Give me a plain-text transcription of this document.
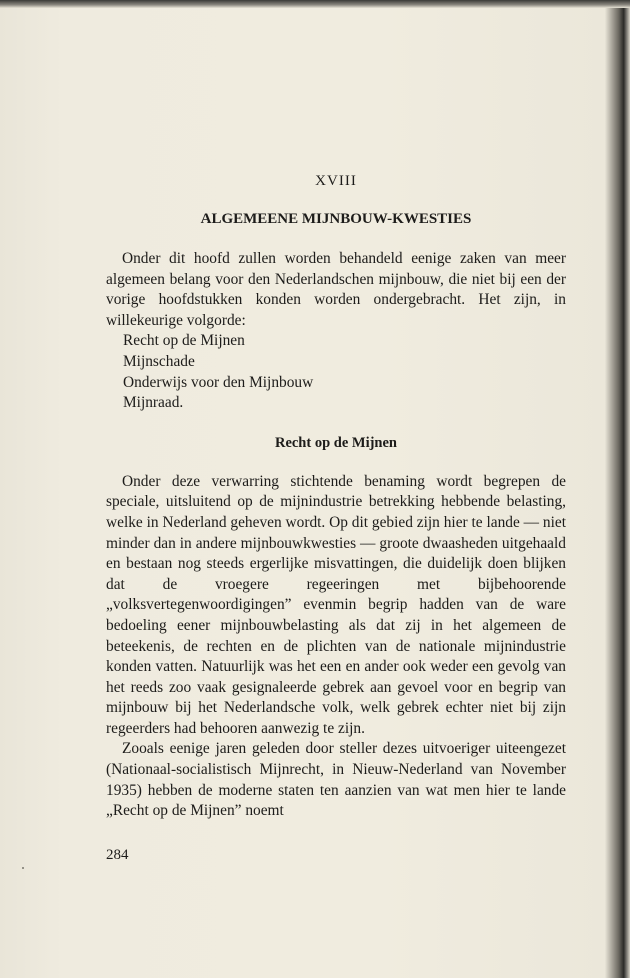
XVIII

ALGEMEENE MIJNBOUW-KWESTIES

Onder dit hoofd zullen worden behandeld eenige zaken van meer algemeen belang voor den Nederlandschen mijnbouw, die niet bij een der vorige hoofdstukken konden worden ondergebracht. Het zijn, in willekeurige volgorde:

Recht op de Mijnen
Mijnschade
Onderwijs voor den Mijnbouw
Mijnraad.

Recht op de Mijnen

Onder deze verwarring stichtende benaming wordt begrepen de speciale, uitsluitend op de mijnindustrie betrekking hebbende belasting, welke in Nederland geheven wordt. Op dit gebied zijn hier te lande — niet minder dan in andere mijnbouwkwesties — groote dwaasheden uitgehaald en bestaan nog steeds ergerlijke misvattingen, die duidelijk doen blijken dat de vroegere regeeringen met bijbehoorende „volksvertegenwoordigingen” evenmin begrip hadden van de ware bedoeling eener mijnbouwbelasting als dat zij in het algemeen de beteekenis, de rechten en de plichten van de nationale mijnindustrie konden vatten. Natuurlijk was het een en ander ook weder een gevolg van het reeds zoo vaak gesignaleerde gebrek aan gevoel voor en begrip van mijnbouw bij het Nederlandsche volk, welk gebrek echter niet bij zijn regeerders had behooren aanwezig te zijn.

Zooals eenige jaren geleden door steller dezes uitvoeriger uiteengezet (Nationaal-socialistisch Mijnrecht, in Nieuw-Nederland van November 1935) hebben de moderne staten ten aanzien van wat men hier te lande „Recht op de Mijnen” noemt

284
